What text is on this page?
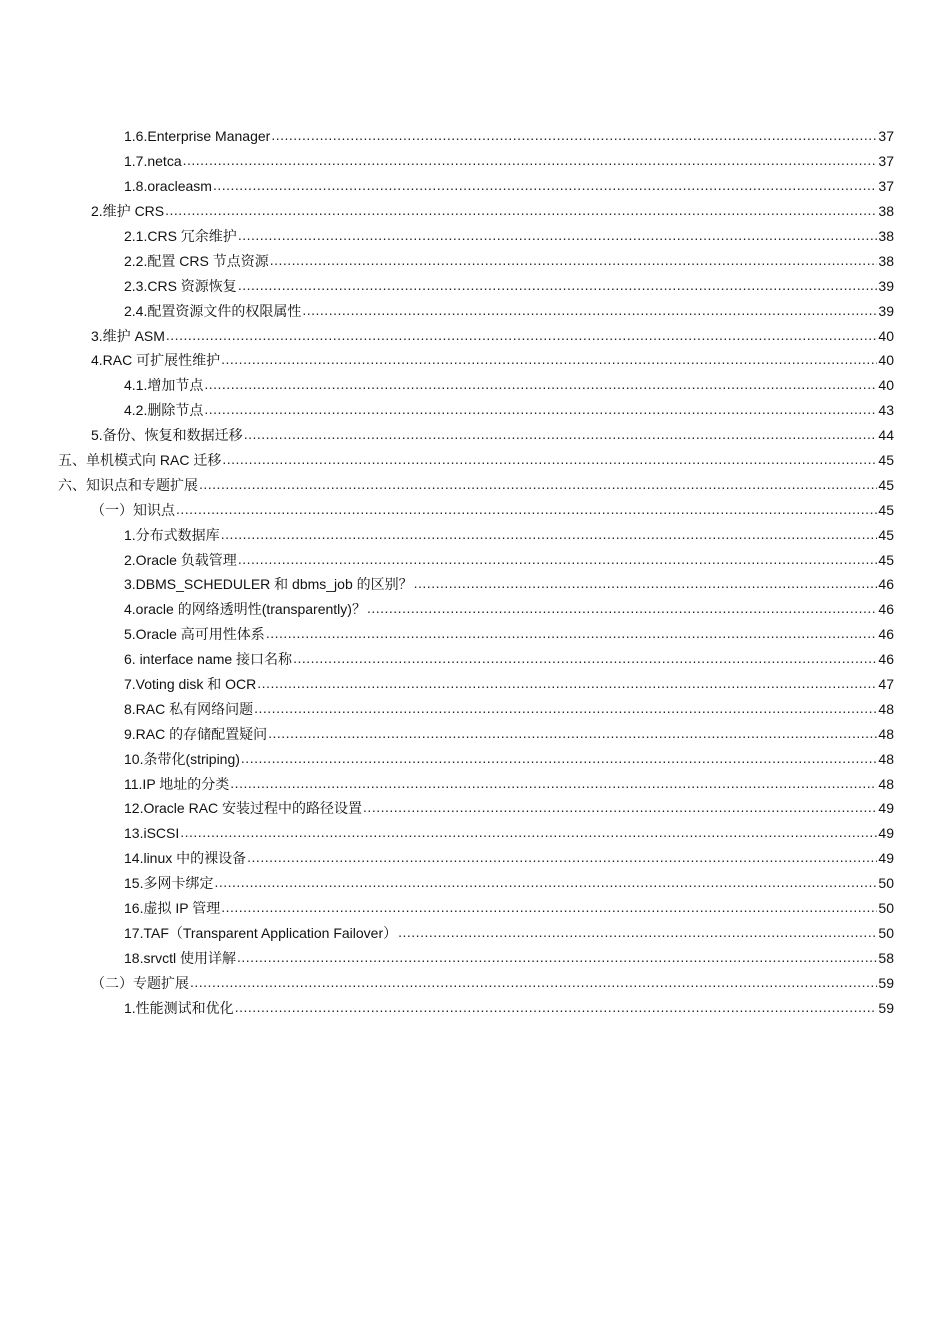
1.6.Enterprise Manager .....	37
1.7.netca .....	37
1.8.oracleasm .....	37
2.维护 CRS .....	38
2.1.CRS 冗余维护 .....	38
2.2.配置 CRS 节点资源 .....	38
2.3.CRS 资源恢复 .....	39
2.4.配置资源文件的权限属性 .....	39
3.维护 ASM .....	40
4.RAC 可扩展性维护 .....	40
4.1.增加节点 .....	40
4.2.删除节点 .....	43
5.备份、恢复和数据迁移 .....	44
五、单机模式向 RAC 迁移 .....	45
六、知识点和专题扩展 .....	45
（一）知识点 .....	45
1.分布式数据库 .....	45
2.Oracle 负载管理 .....	45
3.DBMS_SCHEDULER 和 dbms_job 的区别？ .....	46
4.oracle 的网络透明性(transparently)？ .....	46
5.Oracle 高可用性体系 .....	46
6. interface name 接口名称 .....	46
7.Voting disk 和 OCR .....	47
8.RAC 私有网络问题 .....	48
9.RAC 的存储配置疑问 .....	48
10.条带化(striping) .....	48
11.IP 地址的分类 .....	48
12.Oracle RAC 安装过程中的路径设置 .....	49
13.iSCSI .....	49
14.linux 中的裸设备 .....	49
15.多网卡绑定 .....	50
16.虚拟 IP 管理 .....	50
17.TAF（Transparent Application Failover） .....	50
18.srvctl 使用详解 .....	58
（二）专题扩展 .....	59
1.性能测试和优化 .....	59
